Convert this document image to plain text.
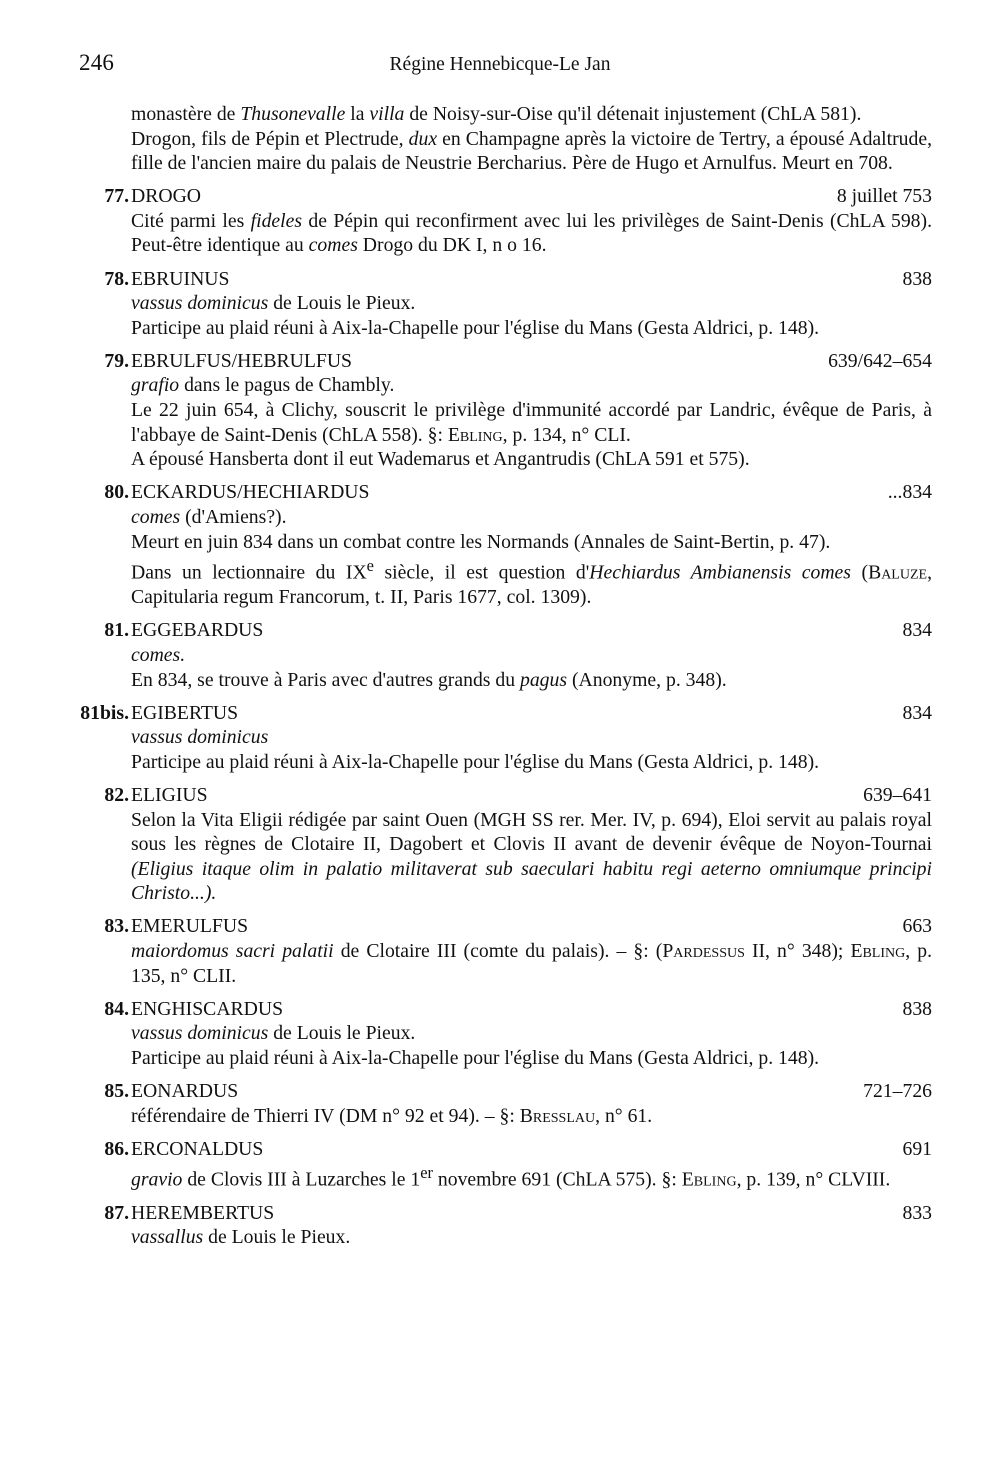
246	Régine Hennebicque-Le Jan

monastère de Thusonevalle la villa de Noisy-sur-Oise qu'il détenait injustement (ChLA 581).

Drogon, fils de Pépin et Plectrude, dux en Champagne après la victoire de Tertry, a épousé Adaltrude, fille de l'ancien maire du palais de Neustrie Bercharius. Père de Hugo et Arnulfus. Meurt en 708.

77. DROGO	8 juillet 753

Cité parmi les fideles de Pépin qui reconfirment avec lui les privilèges de Saint-Denis (ChLA 598). Peut-être identique au comes Drogo du DK I, n o 16.

78. EBRUINUS	838

vassus dominicus de Louis le Pieux.

Participe au plaid réuni à Aix-la-Chapelle pour l'église du Mans (Gesta Aldrici, p. 148).

79. EBRULFUS/HEBRULFUS	639/642–654

grafio dans le pagus de Chambly.

Le 22 juin 654, à Clichy, souscrit le privilège d'immunité accordé par Landric, évêque de Paris, à l'abbaye de Saint-Denis (ChLA 558). §: Ebling, p. 134, n° CLI.

A épousé Hansberta dont il eut Wademarus et Angantrudis (ChLA 591 et 575).

80. ECKARDUS/HECHIARDUS	...834

comes (d'Amiens?).

Meurt en juin 834 dans un combat contre les Normands (Annales de Saint-Bertin, p. 47).

Dans un lectionnaire du IXe siècle, il est question d'Hechiardus Ambianensis comes (Baluze, Capitularia regum Francorum, t. II, Paris 1677, col. 1309).

81. EGGEBARDUS	834

comes.

En 834, se trouve à Paris avec d'autres grands du pagus (Anonyme, p. 348).

81bis. EGIBERTUS	834

vassus dominicus

Participe au plaid réuni à Aix-la-Chapelle pour l'église du Mans (Gesta Aldrici, p. 148).

82. ELIGIUS	639–641

Selon la Vita Eligii rédigée par saint Ouen (MGH SS rer. Mer. IV, p. 694), Eloi servit au palais royal sous les règnes de Clotaire II, Dagobert et Clovis II avant de devenir évêque de Noyon-Tournai (Eligius itaque olim in palatio militaverat sub saeculari habitu regi aeterno omniumque principi Christo...).

83. EMERULFUS	663

maiordomus sacri palatii de Clotaire III (comte du palais). – §: (Pardessus II, n° 348); Ebling, p. 135, n° CLII.

84. ENGHISCARDUS	838

vassus dominicus de Louis le Pieux.

Participe au plaid réuni à Aix-la-Chapelle pour l'église du Mans (Gesta Aldrici, p. 148).

85. EONARDUS	721–726

référendaire de Thierri IV (DM n° 92 et 94). – §: Bresslau, n° 61.

86. ERCONALDUS	691

gravio de Clovis III à Luzarches le 1er novembre 691 (ChLA 575). §: Ebling, p. 139, n° CLVIII.

87. HEREMBERTUS	833

vassallus de Louis le Pieux.
